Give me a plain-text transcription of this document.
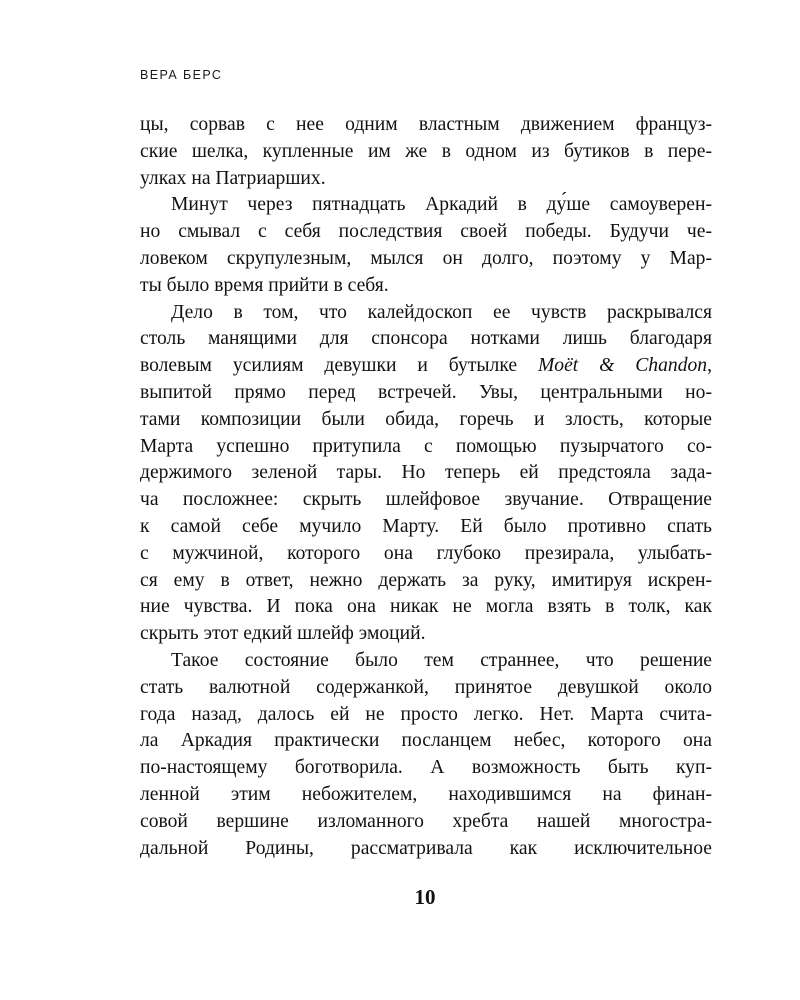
ВЕРА БЕРС
цы, сорвав с нее одним властным движением француз-
ские шелка, купленные им же в одном из бутиков в пере-
улках на Патриарших.
Минут через пятнадцать Аркадий в ду́ше самоуверен-
но смывал с себя последствия своей победы. Будучи че-
ловеком скрупулезным, мылся он долго, поэтому у Мар-
ты было время прийти в себя.
Дело в том, что калейдоскоп ее чувств раскрывался
столь манящими для спонсора нотками лишь благодаря
волевым усилиям девушки и бутылке Moët & Chandon,
выпитой прямо перед встречей. Увы, центральными но-
тами композиции были обида, горечь и злость, которые
Марта успешно притупила с помощью пузырчатого со-
держимого зеленой тары. Но теперь ей предстояла зада-
ча посложнее: скрыть шлейфовое звучание. Отвращение
к самой себе мучило Марту. Ей было противно спать
с мужчиной, которого она глубоко презирала, улыбать-
ся ему в ответ, нежно держать за руку, имитируя искрен-
ние чувства. И пока она никак не могла взять в толк, как
скрыть этот едкий шлейф эмоций.
Такое состояние было тем страннее, что решение
стать валютной содержанкой, принятое девушкой около
года назад, далось ей не просто легко. Нет. Марта счита-
ла Аркадия практически посланцем небес, которого она
по-настоящему боготворила. А возможность быть куп-
ленной этим небожителем, находившимся на финан-
совой вершине изломанного хребта нашей многостра-
дальной Родины, рассматривала как исключительное
10
